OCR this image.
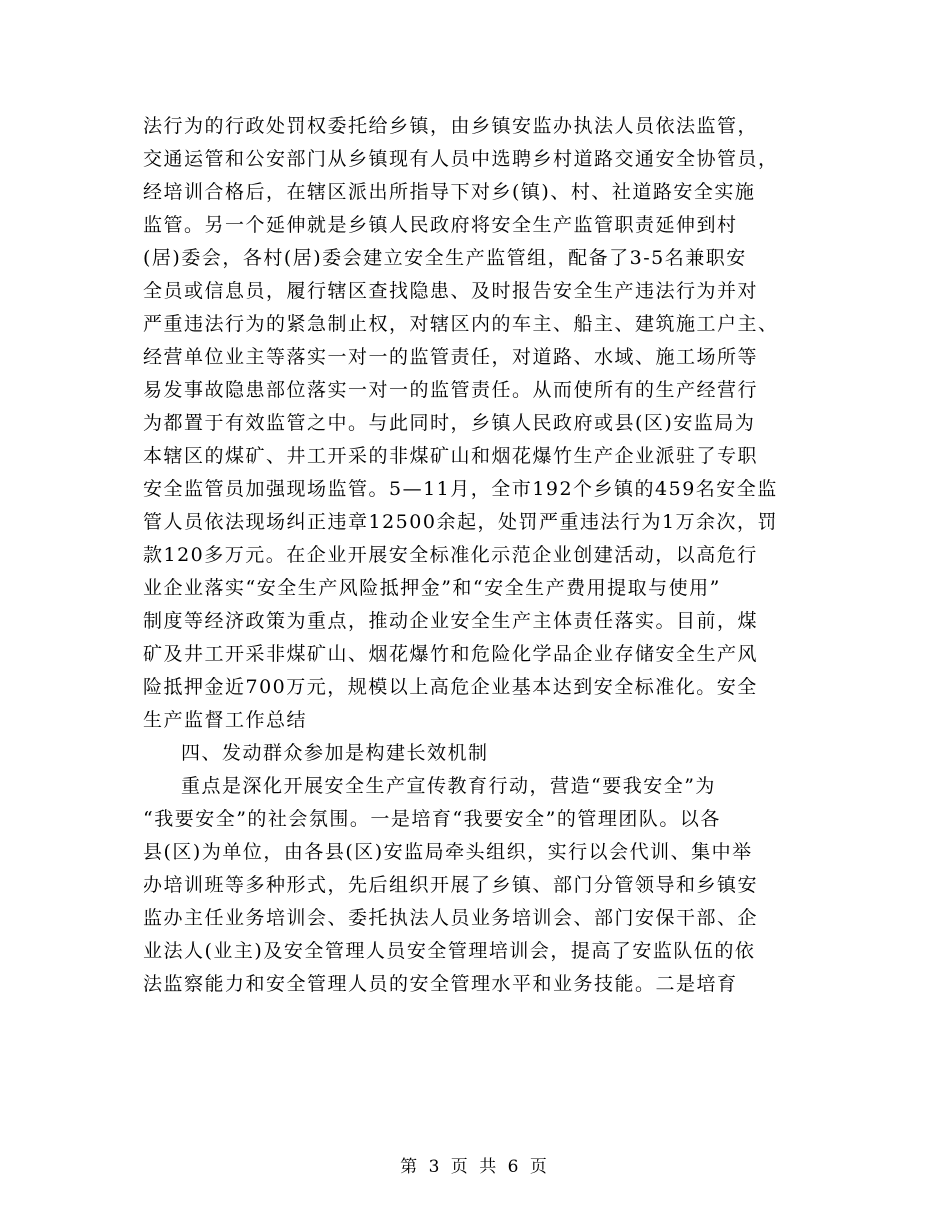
法行为的行政处罚权委托给乡镇，由乡镇安监办执法人员依法监管，
交通运管和公安部门从乡镇现有人员中选聘乡村道路交通安全协管员，
经培训合格后，在辖区派出所指导下对乡(镇)、村、社道路安全实施
监管。另一个延伸就是乡镇人民政府将安全生产监管职责延伸到村
(居)委会，各村(居)委会建立安全生产监管组，配备了3-5名兼职安
全员或信息员，履行辖区查找隐患、及时报告安全生产违法行为并对
严重违法行为的紧急制止权，对辖区内的车主、船主、建筑施工户主、
经营单位业主等落实一对一的监管责任，对道路、水域、施工场所等
易发事故隐患部位落实一对一的监管责任。从而使所有的生产经营行
为都置于有效监管之中。与此同时，乡镇人民政府或县(区)安监局为
本辖区的煤矿、井工开采的非煤矿山和烟花爆竹生产企业派驻了专职
安全监管员加强现场监管。5—11月，全市192个乡镇的459名安全监
管人员依法现场纠正违章12500余起，处罚严重违法行为1万余次，罚
款120多万元。在企业开展安全标准化示范企业创建活动，以高危行
业企业落实“安全生产风险抵押金”和“安全生产费用提取与使用”
制度等经济政策为重点，推动企业安全生产主体责任落实。目前，煤
矿及井工开采非煤矿山、烟花爆竹和危险化学品企业存储安全生产风
险抵押金近700万元，规模以上高危企业基本达到安全标准化。安全
生产监督工作总结
四、发动群众参加是构建长效机制
重点是深化开展安全生产宣传教育行动，营造“要我安全”为
“我要安全”的社会氛围。一是培育“我要安全”的管理团队。以各
县(区)为单位，由各县(区)安监局牵头组织，实行以会代训、集中举
办培训班等多种形式，先后组织开展了乡镇、部门分管领导和乡镇安
监办主任业务培训会、委托执法人员业务培训会、部门安保干部、企
业法人(业主)及安全管理人员安全管理培训会，提高了安监队伍的依
法监察能力和安全管理人员的安全管理水平和业务技能。二是培育
第 3 页 共 6 页
